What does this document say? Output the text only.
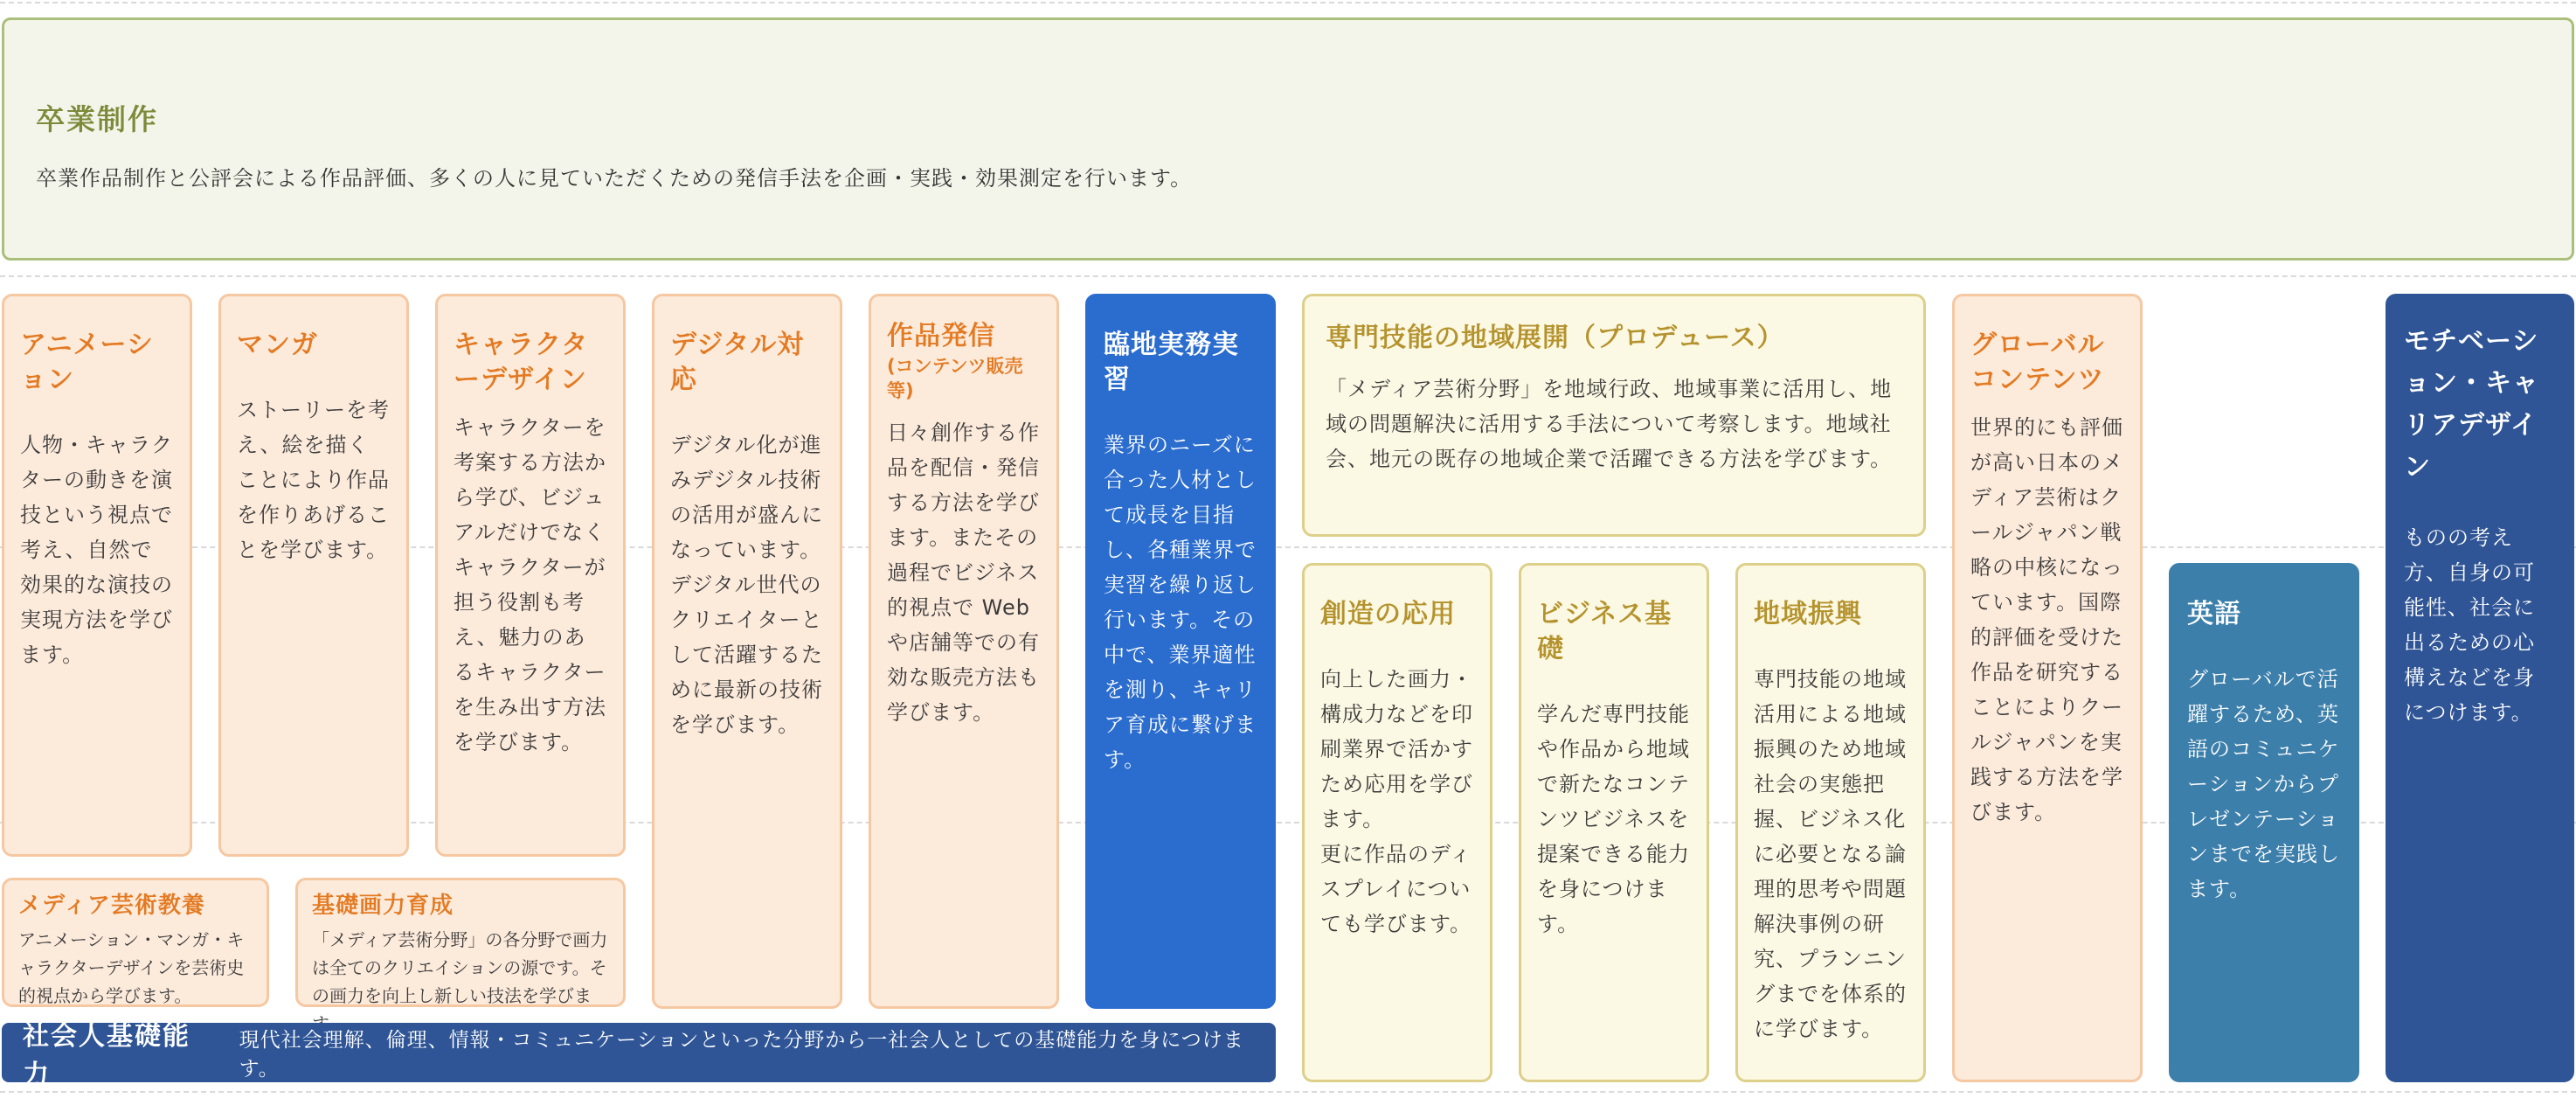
卒業制作
卒業作品制作と公評会による作品評価、多くの人に見ていただくための発信手法を企画・実践・効果測定を行います。
アニメーション
人物・キャラクターの動きを演技という視点で考え、自然で効果的な演技の実現方法を学びます。
マンガ
ストーリーを考え、絵を描くことにより作品を作りあげることを学びます。
キャラクターデザイン
キャラクターを考案する方法から学び、ビジュアルだけでなくキャラクターが担う役割も考え、魅力のあるキャラクターを生み出す方法を学びます。
デジタル対応
デジタル化が進みデジタル技術の活用が盛んになっています。デジタル世代のクリエイターとして活躍するために最新の技術を学びます。
作品発信
(コンテンツ販売等)
日々創作する作品を配信・発信する方法を学びます。またその過程でビジネス的視点で Web や店舗等での有効な販売方法も学びます。
臨地実務実習
業界のニーズに合った人材として成長を目指し、各種業界で実習を繰り返し行います。その中で、業界適性を測り、キャリア育成に繋げます。
メディア芸術教養
アニメーション・マンガ・キャラクターデザインを芸術史的視点から学びます。
基礎画力育成
「メディア芸術分野」の各分野で画力は全てのクリエイションの源です。その画力を向上し新しい技法を学びま
専門技能の地域展開（プロデュース）
「メディア芸術分野」を地域行政、地域事業に活用し、地域の問題解決に活用する手法について考察します。地域社会、地元の既存の地域企業で活躍できる方法を学びます。
創造の応用
向上した画力・構成力などを印刷業界で活かすため応用を学びます。
更に作品のディスプレイについても学びます。
ビジネス基礎
学んだ専門技能や作品から地域で新たなコンテンツビジネスを提案できる能力を身につけます。
地域振興
専門技能の地域活用による地域振興のため地域社会の実態把握、ビジネス化に必要となる論理的思考や問題解決事例の研究、プランニングまでを体系的に学びます。
グローバルコンテンツ
世界的にも評価が高い日本のメディア芸術はクールジャパン戦略の中核になっています。国際的評価を受けた作品を研究することによりクールジャパンを実践する方法を学びます。
英語
グローバルで活躍するため、英語のコミュニケーションからプレゼンテーションまでを実践します。
モチベーション・キャリアデザイン
ものの考え方、自身の可能性、社会に出るための心構えなどを身につけます。
社会人基礎能力
現代社会理解、倫理、情報・コミュニケーションといった分野から一社会人としての基礎能力を身につけます。
